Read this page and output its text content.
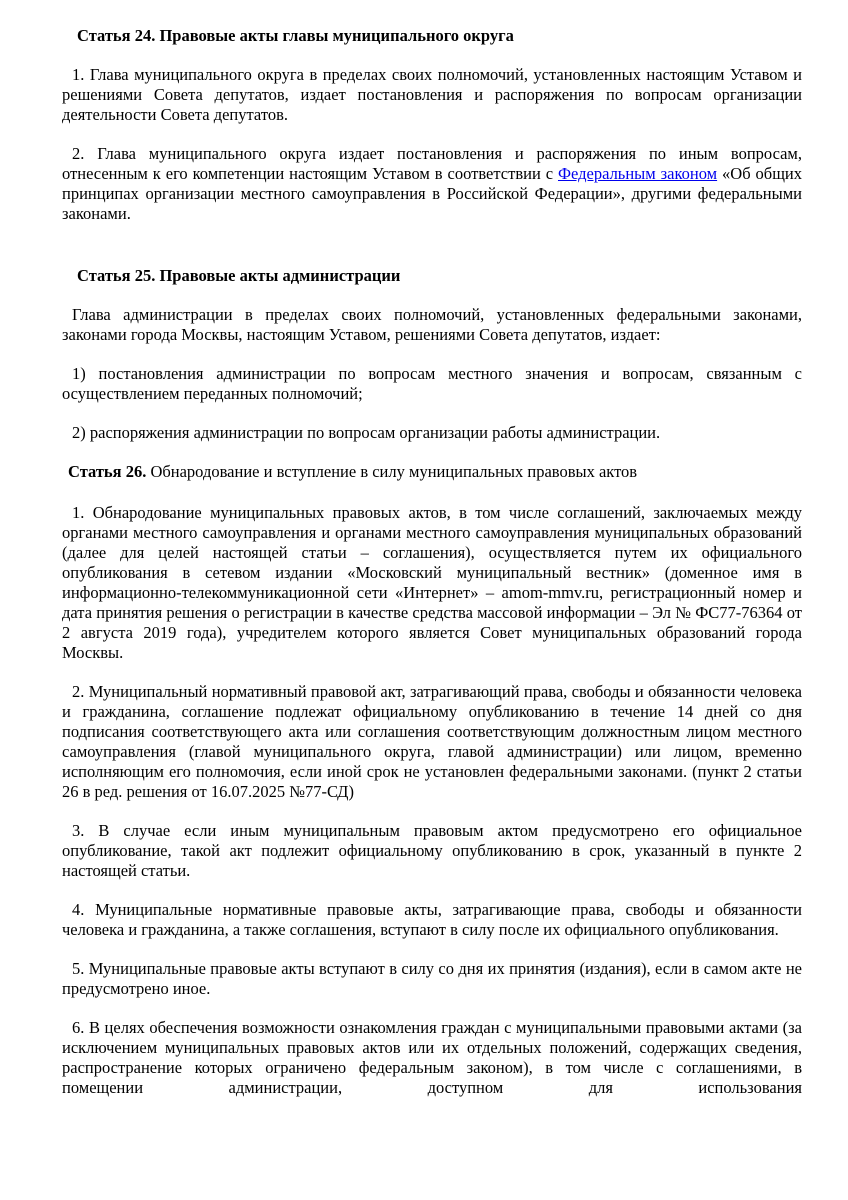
Статья 24. Правовые акты главы муниципального округа

1. Глава муниципального округа в пределах своих полномочий, установленных настоящим Уставом и решениями Совета депутатов, издает постановления и распоряжения по вопросам организации деятельности Совета депутатов.

2. Глава муниципального округа издает постановления и распоряжения по иным вопросам, отнесенным к его компетенции настоящим Уставом в соответствии с Федеральным законом «Об общих принципах организации местного самоуправления в Российской Федерации», другими федеральными законами.

Статья 25. Правовые акты администрации

Глава администрации в пределах своих полномочий, установленных федеральными законами, законами города Москвы, настоящим Уставом, решениями Совета депутатов, издает:

1) постановления администрации по вопросам местного значения и вопросам, связанным с осуществлением переданных полномочий;

2) распоряжения администрации по вопросам организации работы администрации.

Статья 26. Обнародование и вступление в силу муниципальных правовых актов

1. Обнародование муниципальных правовых актов, в том числе соглашений, заключаемых между органами местного самоуправления и органами местного самоуправления муниципальных образований (далее для целей настоящей статьи – соглашения), осуществляется путем их официального опубликования в сетевом издании «Московский муниципальный вестник» (доменное имя в информационно-телекоммуникационной сети «Интернет» – amom-mmv.ru, регистрационный номер и дата принятия решения о регистрации в качестве средства массовой информации – Эл № ФС77-76364 от 2 августа 2019 года), учредителем которого является Совет муниципальных образований города Москвы.

2. Муниципальный нормативный правовой акт, затрагивающий права, свободы и обязанности человека и гражданина, соглашение подлежат официальному опубликованию в течение 14 дней со дня подписания соответствующего акта или соглашения соответствующим должностным лицом местного самоуправления (главой муниципального округа, главой администрации) или лицом, временно исполняющим его полномочия, если иной срок не установлен федеральными законами. (пункт 2 статьи 26 в ред. решения от 16.07.2025 №77-СД)

3. В случае если иным муниципальным правовым актом предусмотрено его официальное опубликование, такой акт подлежит официальному опубликованию в срок, указанный в пункте 2 настоящей статьи.

4. Муниципальные нормативные правовые акты, затрагивающие права, свободы и обязанности человека и гражданина, а также соглашения, вступают в силу после их официального опубликования.

5. Муниципальные правовые акты вступают в силу со дня их принятия (издания), если в самом акте не предусмотрено иное.

6. В целях обеспечения возможности ознакомления граждан с муниципальными правовыми актами (за исключением муниципальных правовых актов или их отдельных положений, содержащих сведения, распространение которых ограничено федеральным законом), в том числе с соглашениями, в помещении администрации, доступном для использования
